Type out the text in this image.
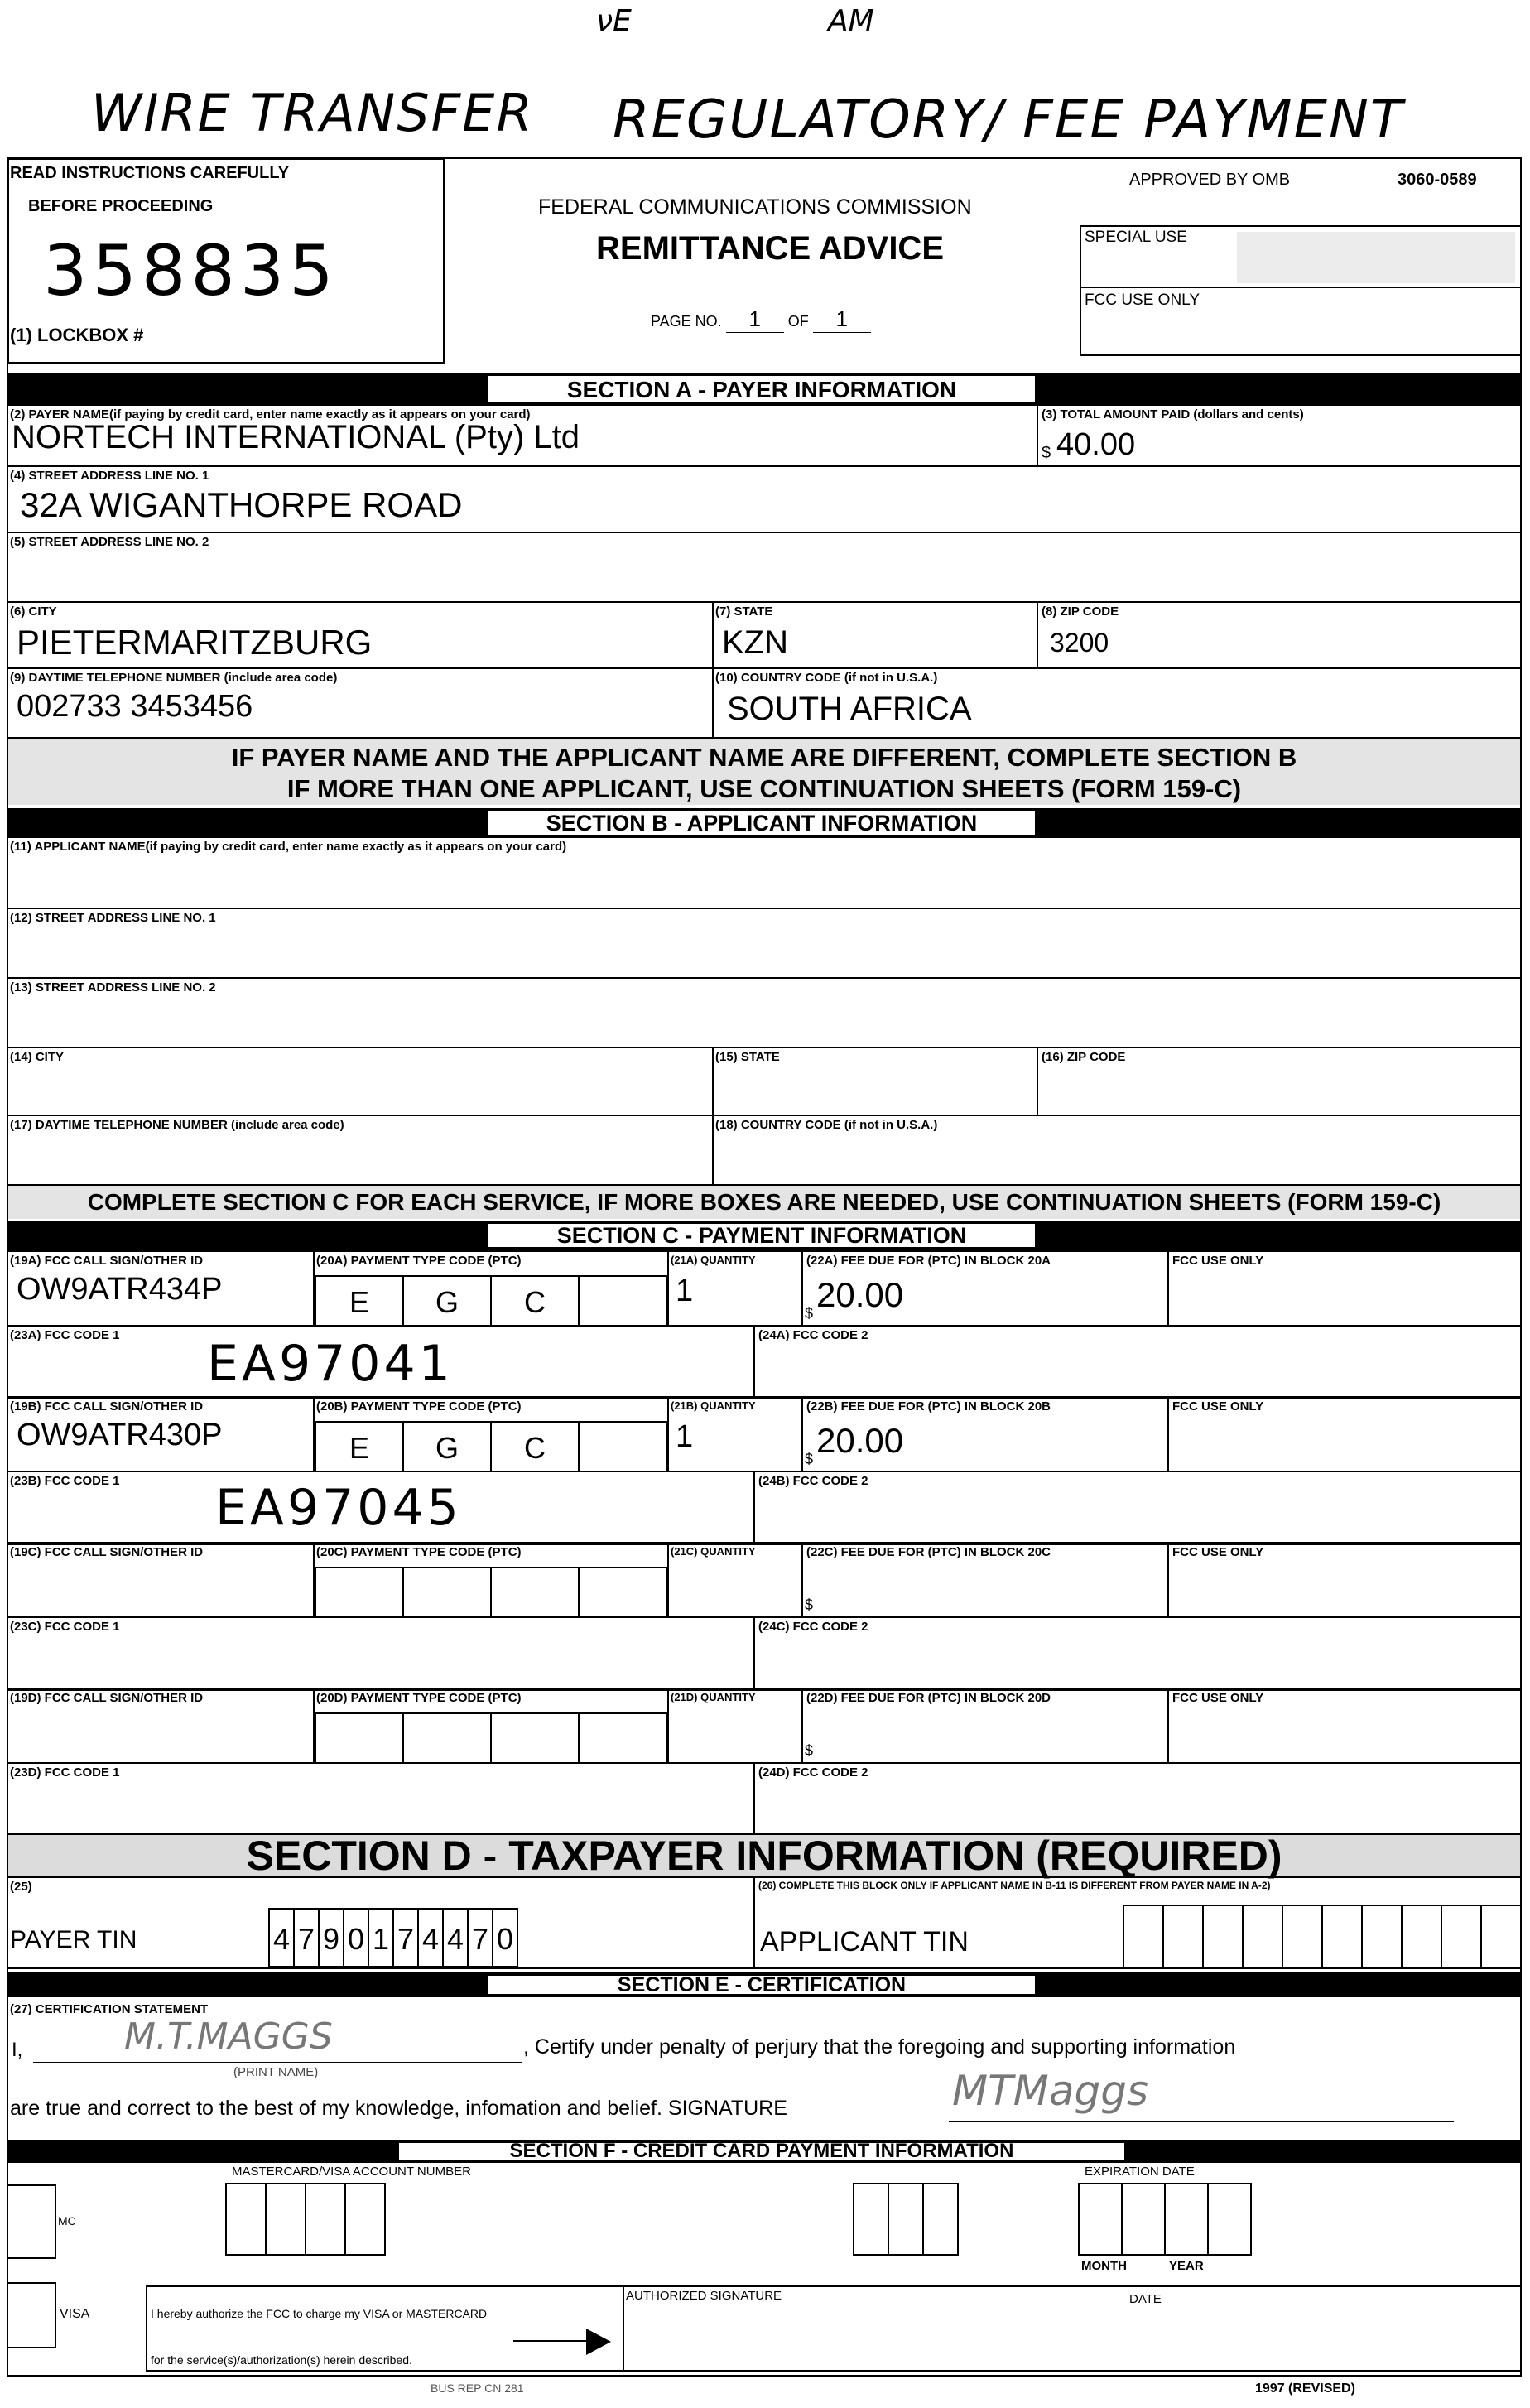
νE	AM
WIRE TRANSFER REGULATORY/ FEE PAYMENT
READ INSTRUCTIONS CAREFULLY
BEFORE PROCEEDING
358835
(1) LOCKBOX #
FEDERAL COMMUNICATIONS COMMISSION
REMITTANCE ADVICE
PAGE NO. 1 OF 1
APPROVED BY OMB	3060-0589
SPECIAL USE
FCC USE ONLY
SECTION A - PAYER INFORMATION
(2) PAYER NAME(if paying by credit card, enter name exactly as it appears on your card)
NORTECH INTERNATIONAL (Pty) Ltd
(3) TOTAL AMOUNT PAID (dollars and cents)
$ 40.00
(4) STREET ADDRESS LINE NO. 1
32A WIGANTHORPE ROAD
(5) STREET ADDRESS LINE NO. 2
(6) CITY
PIETERMARITZBURG
(7) STATE
KZN
(8) ZIP CODE
3200
(9) DAYTIME TELEPHONE NUMBER (include area code)
002733 3453456
(10) COUNTRY CODE (if not in U.S.A.)
SOUTH AFRICA
IF PAYER NAME AND THE APPLICANT NAME ARE DIFFERENT, COMPLETE SECTION B
IF MORE THAN ONE APPLICANT, USE CONTINUATION SHEETS (FORM 159-C)
SECTION B - APPLICANT INFORMATION
(11) APPLICANT NAME(if paying by credit card, enter name exactly as it appears on your card)
(12) STREET ADDRESS LINE NO. 1
(13) STREET ADDRESS LINE NO. 2
(14) CITY	(15) STATE	(16) ZIP CODE
(17) DAYTIME TELEPHONE NUMBER (include area code)	(18) COUNTRY CODE (if not in U.S.A.)
COMPLETE SECTION C FOR EACH SERVICE, IF MORE BOXES ARE NEEDED, USE CONTINUATION SHEETS (FORM 159-C)
SECTION C - PAYMENT INFORMATION
(19A) FCC CALL SIGN/OTHER ID
OW9ATR434P
(20A) PAYMENT TYPE CODE (PTC)
E	G	C
(21A) QUANTITY
1
(22A) FEE DUE FOR (PTC) IN BLOCK 20A
$ 20.00
FCC USE ONLY
(23A) FCC CODE 1 EA97041	(24A) FCC CODE 2
(19B) FCC CALL SIGN/OTHER ID
OW9ATR430P
(20B) PAYMENT TYPE CODE (PTC)
E	G	C
(21B) QUANTITY
1
(22B) FEE DUE FOR (PTC) IN BLOCK 20B
$ 20.00
FCC USE ONLY
(23B) FCC CODE 1 EA97045	(24B) FCC CODE 2
(19C) FCC CALL SIGN/OTHER ID	(20C) PAYMENT TYPE CODE (PTC)	(21C) QUANTITY	(22C) FEE DUE FOR (PTC) IN BLOCK 20C
$
FCC USE ONLY
(23C) FCC CODE 1	(24C) FCC CODE 2
(19D) FCC CALL SIGN/OTHER ID	(20D) PAYMENT TYPE CODE (PTC)	(21D) QUANTITY	(22D) FEE DUE FOR (PTC) IN BLOCK 20D
$
FCC USE ONLY
(23D) FCC CODE 1	(24D) FCC CODE 2
SECTION D - TAXPAYER INFORMATION (REQUIRED)
(25)
PAYER TIN	4 7 9 0 1 7 4 4 7 0
(26) COMPLETE THIS BLOCK ONLY IF APPLICANT NAME IN B-11 IS DIFFERENT FROM PAYER NAME IN A-2)
APPLICANT TIN
SECTION E - CERTIFICATION
(27) CERTIFICATION STATEMENT
I,	M.T.MAGGS
(PRINT NAME)
, Certify under penalty of perjury that the foregoing and supporting information
are true and correct to the best of my knowledge, infomation and belief. SIGNATURE	MTMaggs
SECTION F - CREDIT CARD PAYMENT INFORMATION
MASTERCARD/VISA ACCOUNT NUMBER	EXPIRATION DATE
MC
MONTH	YEAR
VISA	I hereby authorize the FCC to charge my VISA or MASTERCARD
for the service(s)/authorization(s) herein described.
AUTHORIZED SIGNATURE	DATE
BUS REP CN 281	1997 (REVISED)
